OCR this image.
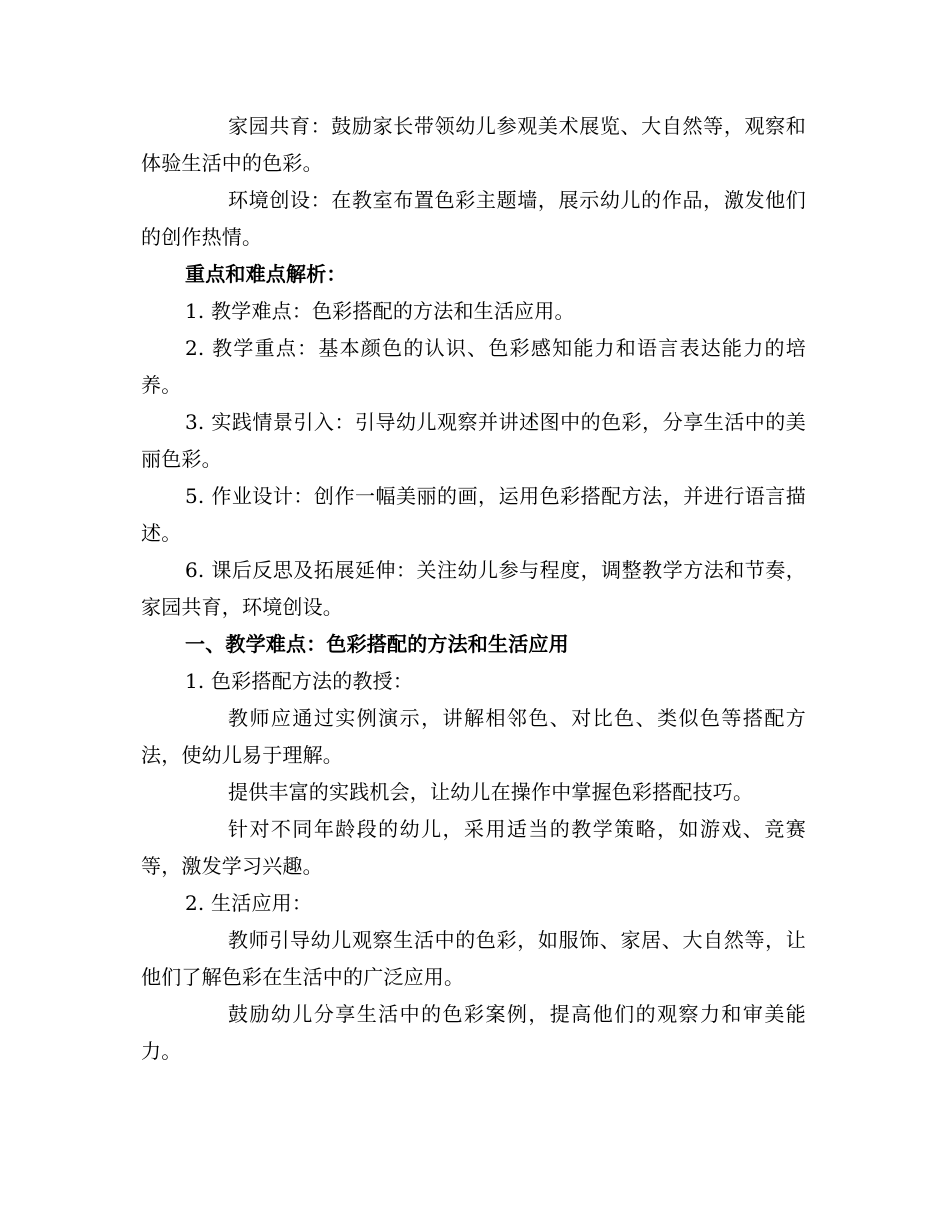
家园共育：鼓励家长带领幼儿参观美术展览、大自然等，观察和体验生活中的色彩。

环境创设：在教室布置色彩主题墙，展示幼儿的作品，激发他们的创作热情。

重点和难点解析：

1. 教学难点：色彩搭配的方法和生活应用。

2. 教学重点：基本颜色的认识、色彩感知能力和语言表达能力的培养。

3. 实践情景引入：引导幼儿观察并讲述图中的色彩，分享生活中的美丽色彩。

5. 作业设计：创作一幅美丽的画，运用色彩搭配方法，并进行语言描述。

6. 课后反思及拓展延伸：关注幼儿参与程度，调整教学方法和节奏，家园共育，环境创设。

一、教学难点：色彩搭配的方法和生活应用

1. 色彩搭配方法的教授：

教师应通过实例演示，讲解相邻色、对比色、类似色等搭配方法，使幼儿易于理解。

提供丰富的实践机会，让幼儿在操作中掌握色彩搭配技巧。

针对不同年龄段的幼儿，采用适当的教学策略，如游戏、竞赛等，激发学习兴趣。

2. 生活应用：

教师引导幼儿观察生活中的色彩，如服饰、家居、大自然等，让他们了解色彩在生活中的广泛应用。

鼓励幼儿分享生活中的色彩案例，提高他们的观察力和审美能力。
